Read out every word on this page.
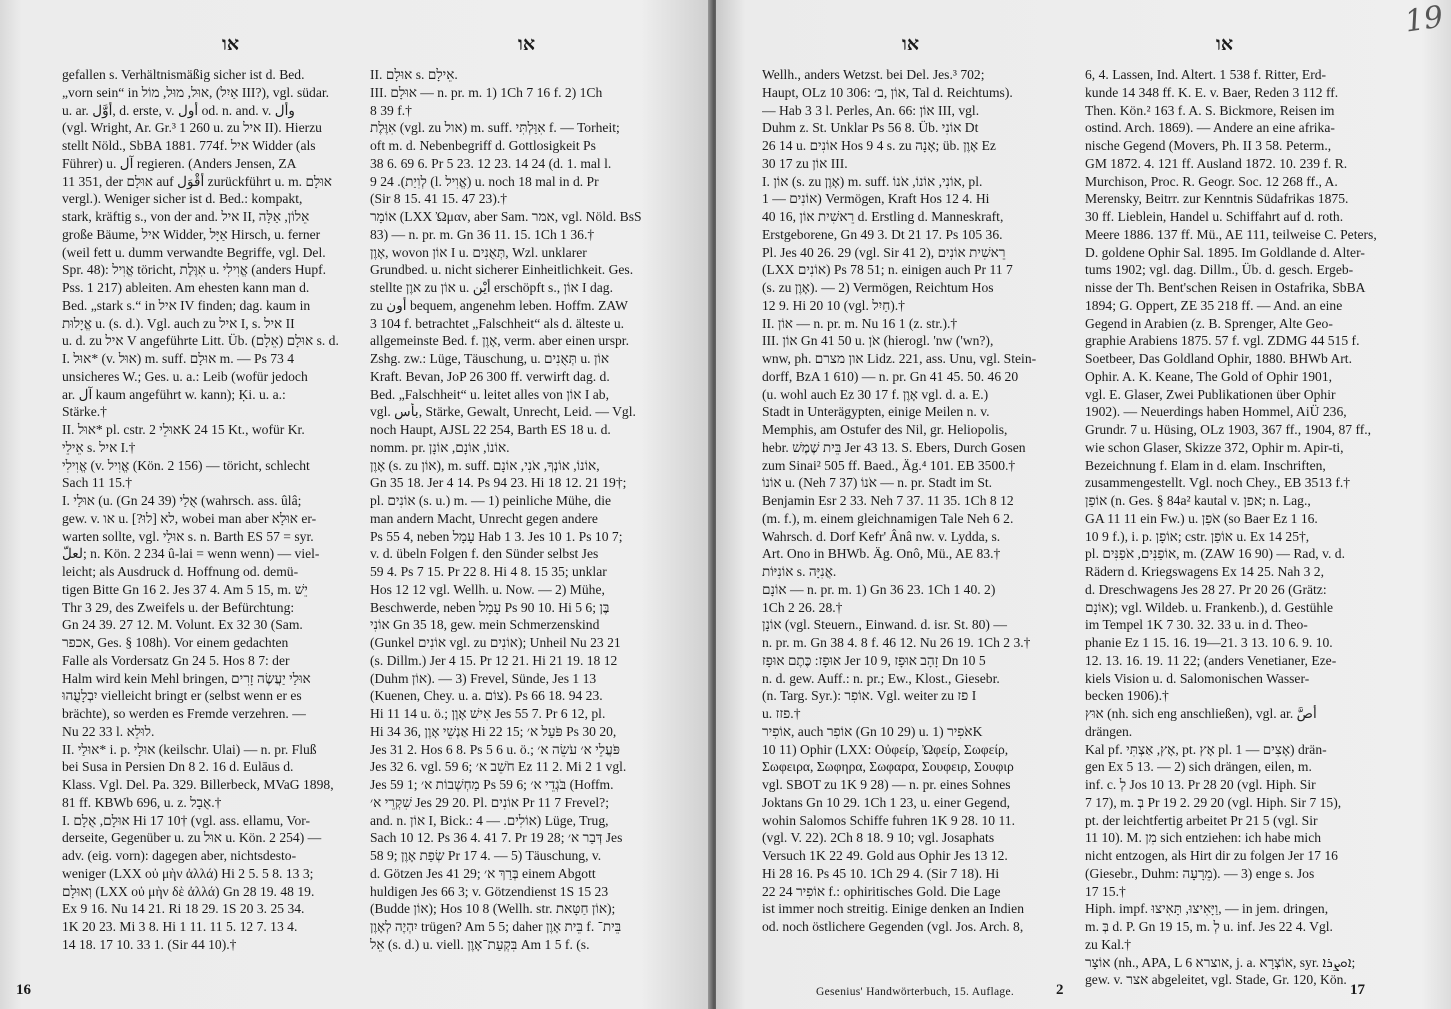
או	או
gefallen s. Verhältnismäßig sicher ist d. Bed.
„vorn sein“ in אוּל, מוּל, מוֹל, (אַיִל III?), vgl. südar.
u. ar. أَوَّل, d. erste, v. أول od. n. and. v. وأل
(vgl. Wright, Ar. Gr.³ 1 260 u. zu איל II). Hierzu
stellt Nöld., SbBA 1881. 774f. איל Widder (als
Führer) u. آل regieren. (Anders Jensen, ZA
11 351, der אוּלָם auf أَقْوَل zurückführt u. m. אוּלָם
vergl.). Weniger sicher ist d. Bed.: kompakt,
stark, kräftig s., von der and. איל II, אֵלוֹן, אַלָּה
große Bäume, איל Widder, אַיָּל Hirsch, u. ferner
(weil fett u. dumm verwandte Begriffe, vgl. Del.
Spr. 48): אֱוִיל töricht, אִוֶּלֶת u. אֱוִילִי (anders Hupf.
Pss. 1 217) ableiten. Am ehesten kann man d.
Bed. „stark s.“ in איל IV finden; dag. kaum in
אֱיָלוּת u. (s. d.). Vgl. auch zu איל I, s. איל II
u. d. zu איל V angeführte Litt. Üb. אוּלָם (אֵלָם) s. d.
I. אוּל* (v. אוּל) m. suff. אוּלָם m. — Ps 73 4
unsicheres W.; Ges. u. a.: Leib (wofür jedoch
ar. آل kaum angeführt w. kann); Ḳi. u. a.:
Stärke.†
II. אוּל* pl. cstr. אוּלֵי 2K 24 15 Kt., wofür Kr.
אֵילֵי s. איל I.†
אֱוִילִי (v. אֱוִיל (Kön. 2 156) — töricht, schlecht
Sach 11 15.†
I. אוּלַי (u. (Gn 24 39) אֻלַי (wahrsch. ass. ûlâ;
gew. v. או u. לא [לוּ?], wobei man aber אוּלָא er-
warten sollte, vgl. אוּלַי s. n. Barth ES 57 = syr.
لعلّ; n. Kön. 2 234 û-lai = wenn wenn) — viel-
leicht; als Ausdruck d. Hoffnung od. demü-
tigen Bitte Gn 16 2. Jes 37 4. Am 5 15, m. יֵשׁ
Thr 3 29, des Zweifels u. der Befürchtung:
Gn 24 39. 27 12. M. Volunt. Ex 32 30 (Sam.
אכפר, Ges. § 108h). Vor einem gedachten
Falle als Vordersatz Gn 24 5. Hos 8 7: der
Halm wird kein Mehl bringen, אוּלַי יַעֲשֶׂה זָרִים
יִבְלָעֻהוּ vielleicht bringt er (selbst wenn er es
brächte), so werden es Fremde verzehren. —
Nu 22 33 l. לוּלֵא.
II. אוּלַי* i. p. אוּלָי (keilschr. Ulai) — n. pr. Fluß
bei Susa in Persien Dn 8 2. 16 d. Eulāus d.
Klass. Vgl. Del. Pa. 329. Billerbeck, MVaG 1898,
81 ff. KBWb 696, u. z. אֻבָל.†
I. אוּלָם, אֻלָם Hi 17 10† (vgl. ass. ellamu, Vor-
derseite, Gegenüber u. zu אוּל u. Kön. 2 254) —
adv. (eig. vorn): dagegen aber, nichtsdesto-
weniger (LXX οὐ μὴν ἀλλά) Hi 2 5. 5 8. 13 3;
וְאוּלָם (LXX οὐ μὴν δὲ ἀλλά) Gn 28 19. 48 19.
Ex 9 16. Nu 14 21. Ri 18 29. 1S 20 3. 25 34.
1K 20 23. Mi 3 8. Hi 1 11. 11 5. 12 7. 13 4.
14 18. 17 10. 33 1. (Sir 44 10).†
II. אוּלָם s. אֵילָם.
III. אוּלָם — n. pr. m. 1) 1Ch 7 16 f. 2) 1Ch
8 39 f.†
אִוֶּלֶת (vgl. zu אול) m. suff. אִוַּלְתִּי f. — Torheit;
oft m. d. Nebenbegriff d. Gottlosigkeit Ps
38 6. 69 6. Pr 5 23. 12 23. 14 24 (d. 1. mal l.
לְוִיַת). 24 9 (l. אֱוִיל) u. noch 18 mal in d. Pr
(Sir 8 15. 41 15. 47 23).†
אוֹמָר (LXX Ὠμαν, aber Sam. אמר, vgl. Nöld. BsS
83) — n. pr. m. Gn 36 11. 15. 1Ch 1 36.†
אָוֶן, wovon אוֹן I u. תְּאֻנִים, Wzl. unklarer
Grundbed. u. nicht sicherer Einheitlichkeit. Ges.
stellte אוֶן zu אוֹן u. أَيْن erschöpft s., אוֹן I dag.
zu أون bequem, angenehm leben. Hoffm. ZAW
3 104 f. betrachtet „Falschheit“ als d. älteste u.
allgemeinste Bed. f. אָוֶן, verm. aber einen urspr.
Zshg. zw.: Lüge, Täuschung, u. תְּאֻנִים u. אוֹן
Kraft. Bevan, JoP 26 300 ff. verwirft dag. d.
Bed. „Falschheit“ u. leitet alles von אוֹן I ab,
vgl. بأس, Stärke, Gewalt, Unrecht, Leid. — Vgl.
noch Haupt, AJSL 22 254, Barth ES 18 u. d.
nomm. pr. אוֹנוֹ, אוֹנָם, אוֹנָן.
אָוֶן (s. zu אוֹן), m. suff. אוֹנוֹ, אוֹנְךָ, אֹנִי, אוֹנָם,
Gn 35 18. Jer 4 14. Ps 94 23. Hi 18 12. 21 19†;
pl. אוֹנִים (s. u.) m. — 1) peinliche Mühe, die
man andern Macht, Unrecht gegen andere
Ps 55 4, neben עָמָל Hab 1 3. Jes 10 1. Ps 10 7;
v. d. übeln Folgen f. den Sünder selbst Jes
59 4. Ps 7 15. Pr 22 8. Hi 4 8. 15 35; unklar
Hos 12 12 vgl. Wellh. u. Now. — 2) Mühe,
Beschwerde, neben עָמָל Ps 90 10. Hi 5 6; בֶּן
אוֹנִי Gn 35 18, gew. mein Schmerzenskind
(Gunkel אוֹנִים vgl. zu אוֹנִים); Unheil Nu 23 21
(s. Dillm.) Jer 4 15. Pr 12 21. Hi 21 19. 18 12
(Duhm אוֹן). — 3) Frevel, Sünde, Jes 1 13
(Kuenen, Chey. u. a. צוֹם). Ps 66 18. 94 23.
Hi 11 14 u. ö.; אִישׁ אָוֶן Jes 55 7. Pr 6 12, pl.
Hi 34 36, אַנְשֵׁי אָוֶן Hi 22 15; פֹּעַל א׳ Ps 30 20,
Jes 31 2. Hos 6 8. Ps 5 6 u. ö.; פֹּעֲלֵי א׳ עֹשֵׂה א׳
Jes 32 6. vgl. 59 6; חֹשֵׁב א׳ Ez 11 2. Mi 2 1 vgl.
Jes 59 1; מַחְשְׁבוֹת א׳ Ps 59 6; בֹּגְדֵי א׳ (Hoffm.
שִׁקְרֵי א׳ Jes 29 20. Pl. אוֹנִים Pr 11 7 Frevel?;
and. n. אוֹן I, Bick.: אוֹלִים. — 4) Lüge, Trug,
Sach 10 12. Ps 36 4. 41 7. Pr 19 28; דְּבַר א׳ Jes
58 9; שְׂפַת אָוֶן Pr 17 4. — 5) Täuschung, v.
d. Götzen Jes 41 29; בְּרַךְ א׳ einem Abgott
huldigen Jes 66 3; v. Götzendienst 1S 15 23
(Budde אוֹן); Hos 10 8 (Wellh. str. אוֹן חַטָּאת);
יִהְיֶה לְאָוֶן trügen? Am 5 5; daher בֵּית אָוֶן f. בֵּית־
אֵל (s. d.) u. viell. בִּקְעַת־אָוֶן Am 1 5 f. (s.
16
או	או
19
Wellh., anders Wetzst. bei Del. Jes.³ 702;
Haupt, OLz 10 306: אוֹן ,ב׳, Tal d. Reichtums).
— Hab 3 3 l. Perles, An. 66: אוֹן III, vgl.
Duhm z. St. Unklar Ps 56 8. Üb. אוֹנִי Dt
26 14 u. אוֹנִים Hos 9 4 s. zu אָנָה; üb. אָוֶן Ez
30 17 zu אוֹן III.
I. אוֹן (s. zu אָוֶן) m. suff. אוֹנִי, אוֹנוֹ, אֹנוֹ, pl.
אוֹנִים — 1) Vermögen, Kraft Hos 12 4. Hi
40 16, רֵאשִׁית אוֹן d. Erstling d. Manneskraft,
Erstgeborene, Gn 49 3. Dt 21 17. Ps 105 36.
Pl. Jes 40 26. 29 (vgl. Sir 41 2), רֵאשִׁית אוֹנִים
(LXX אוֹנִים) Ps 78 51; n. einigen auch Pr 11 7
(s. zu אָוֶן). — 2) Vermögen, Reichtum Hos
12 9. Hi 20 10 (vgl. חַיִל).†
II. אוֹן — n. pr. m. Nu 16 1 (z. str.).†
III. אוֹן Gn 41 50 u. אֹן (hierogl. 'nw ('wn?),
wnw, ph. און מצרם Lidz. 221, ass. Unu, vgl. Stein-
dorff, BzA 1 610) — n. pr. Gn 41 45. 50. 46 20
(u. wohl auch Ez 30 17 f. אָוֶן vgl. d. a. E.)
Stadt in Unterägypten, einige Meilen n. v.
Memphis, am Ostufer des Nil, gr. Heliopolis,
hebr. בֵּית שֶׁמֶשׁ Jer 43 13. S. Ebers, Durch Gosen
zum Sinai² 505 ff. Baed., Äg.⁴ 101. EB 3500.†
אוֹנוֹ u. (Neh 7 37) אֹנוֹ — n. pr. Stadt im St.
Benjamin Esr 2 33. Neh 7 37. 11 35. 1Ch 8 12
(m. f.), m. einem gleichnamigen Tale Neh 6 2.
Wahrsch. d. Dorf Kefr' Ânâ nw. v. Lydda, s.
Art. Ono in BHWb. Äg. Onô, Mü., AE 83.†
אוֹנִיּוֹת s. אֳנִיָּה.
אוֹנָם — n. pr. m. 1) Gn 36 23. 1Ch 1 40. 2)
1Ch 2 26. 28.†
אוֹנָן (vgl. Steuern., Einwand. d. isr. St. 80) —
n. pr. m. Gn 38 4. 8 f. 46 12. Nu 26 19. 1Ch 2 3.†
אוּפָז: כֶּתֶם אוּפָז Jer 10 9, זָהָב אוּפָז Dn 10 5
n. d. gew. Auff.: n. pr.; Ew., Klost., Giesebr.
(n. Targ. Syr.): אוֹפִר. Vgl. weiter zu פז I
u. פזז.†
אוֹפִיר, auch אוֹפִר (Gn 10 29) u. אֹפִיר (1K
10 11) Ophir (LXX: Οὐφείρ, Ὠφείρ, Σωφείρ,
Σωφειρα, Σωφηρα, Σωφαρα, Σουφειρ, Σουφιρ
vgl. SBOT zu 1K 9 28) — n. pr. eines Sohnes
Joktans Gn 10 29. 1Ch 1 23, u. einer Gegend,
wohin Salomos Schiffe fuhren 1K 9 28. 10 11.
(vgl. V. 22). 2Ch 8 18. 9 10; vgl. Josaphats
Versuch 1K 22 49. Gold aus Ophir Jes 13 12.
Hi 28 16. Ps 45 10. 1Ch 29 4. (Sir 7 18). Hi
22 24 אוֹפִיר f.: ophiritisches Gold. Die Lage
ist immer noch streitig. Einige denken an Indien
od. noch östlichere Gegenden (vgl. Jos. Arch. 8,
6, 4. Lassen, Ind. Altert. 1 538 f. Ritter, Erd-
kunde 14 348 ff. K. E. v. Baer, Reden 3 112 ff.
Then. Kön.² 163 f. A. S. Bickmore, Reisen im
ostind. Arch. 1869). — Andere an eine afrika-
nische Gegend (Movers, Ph. II 3 58. Peterm.,
GM 1872. 4. 121 ff. Ausland 1872. 10. 239 f. R.
Murchison, Proc. R. Geogr. Soc. 12 268 ff., A.
Merensky, Beitrr. zur Kenntnis Südafrikas 1875.
30 ff. Lieblein, Handel u. Schiffahrt auf d. roth.
Meere 1886. 137 ff. Mü., AE 111, teilweise C. Peters,
D. goldene Ophir Sal. 1895. Im Goldlande d. Alter-
tums 1902; vgl. dag. Dillm., Üb. d. gesch. Ergeb-
nisse der Th. Bent'schen Reisen in Ostafrika, SbBA
1894; G. Oppert, ZE 35 218 ff. — And. an eine
Gegend in Arabien (z. B. Sprenger, Alte Geo-
graphie Arabiens 1875. 57 f. vgl. ZDMG 44 515 f.
Soetbeer, Das Goldland Ophir, 1880. BHWb Art.
Ophir. A. K. Keane, The Gold of Ophir 1901,
vgl. E. Glaser, Zwei Publikationen über Ophir
1902). — Neuerdings haben Hommel, AiÜ 236,
Grundr. 7 u. Hüsing, OLz 1903, 367 ff., 1904, 87 ff.,
wie schon Glaser, Skizze 372, Ophir m. Apir-ti,
Bezeichnung f. Elam in d. elam. Inschriften,
zusammengestellt. Vgl. noch Chey., EB 3513 f.†
אוֹפַן (n. Ges. § 84a² kautal v. אפן; n. Lag.,
GA 11 11 ein Fw.) u. אֹפַן (so Baer Ez 1 16.
10 9 f.), i. p. אוֹפָן; cstr. אוֹפַן u. Ex 14 25†,
pl. אוֹפַנִּים, אֹפַנִּים, m. (ZAW 16 90) — Rad, v. d.
Rädern d. Kriegswagens Ex 14 25. Nah 3 2,
d. Dreschwagens Jes 28 27. Pr 20 26 (Grätz:
אוֹנָם); vgl. Wildeb. u. Frankenb.), d. Gestühle
im Tempel 1K 7 30. 32. 33 u. in d. Theo-
phanie Ez 1 15. 16. 19—21. 3 13. 10 6. 9. 10.
12. 13. 16. 19. 11 22; (anders Venetianer, Eze-
kiels Vision u. d. Salomonischen Wasser-
becken 1906).†
אוּץ (nh. sich eng anschließen), vgl. ar. أَصَّ
drängen.
Kal pf. אָץ, אַצְתִּי, pt. אָץ pl. אָצִים — 1) drän-
gen Ex 5 13. — 2) sich drängen, eilen, m.
inf. c. לְ Jos 10 13. Pr 28 20 (vgl. Hiph. Sir
7 17), m. בְּ Pr 19 2. 29 20 (vgl. Hiph. Sir 7 15),
pt. der leichtfertig arbeitet Pr 21 5 (vgl. Sir
11 10). M. מִן sich entziehen: ich habe mich
nicht entzogen, als Hirt dir zu folgen Jer 17 16
(Giesebr., Duhm: מֵרָעָה). — 3) enge s. Jos
17 15.†
Hiph. impf. וַיָּאִיצוּ, תָּאִיצוּ, — in jem. dringen,
m. בְּ d. P. Gn 19 15, m. לְ u. inf. Jes 22 4. Vgl.
zu Kal.†
אוֹצָר (nh., APA, L 6 אוצרא, j. a. אוֹצְרָא, syr. ܐܘܨܪܐ;
gew. v. אצר abgeleitet, vgl. Stade, Gr. 120, Kön.
Gesenius' Handwörterbuch, 15. Auflage.	2	17
